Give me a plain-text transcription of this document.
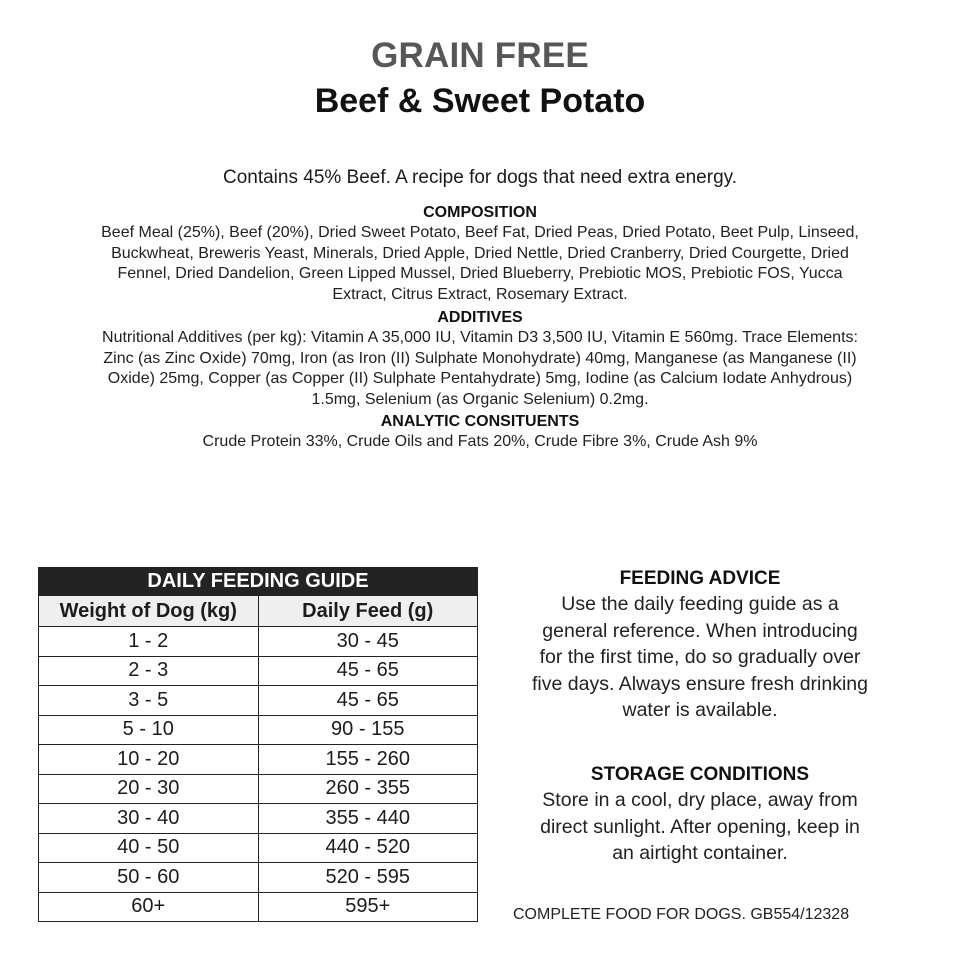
GRAIN FREE
Beef & Sweet Potato
Contains 45% Beef. A recipe for dogs that need extra energy.
COMPOSITION
Beef Meal (25%), Beef (20%), Dried Sweet Potato, Beef Fat, Dried Peas, Dried Potato, Beet Pulp, Linseed,
Buckwheat, Breweris Yeast, Minerals, Dried Apple, Dried Nettle, Dried Cranberry, Dried Courgette, Dried
Fennel, Dried Dandelion, Green Lipped Mussel, Dried Blueberry, Prebiotic MOS, Prebiotic FOS, Yucca
Extract, Citrus Extract, Rosemary Extract.
ADDITIVES
Nutritional Additives (per kg): Vitamin A 35,000 IU, Vitamin D3 3,500 IU, Vitamin E 560mg. Trace Elements:
Zinc (as Zinc Oxide) 70mg, Iron (as Iron (II) Sulphate Monohydrate) 40mg, Manganese (as Manganese (II)
Oxide) 25mg, Copper (as Copper (II) Sulphate Pentahydrate) 5mg, Iodine (as Calcium Iodate Anhydrous)
1.5mg, Selenium (as Organic Selenium) 0.2mg.
ANALYTIC CONSITUENTS
Crude Protein 33%, Crude Oils and Fats 20%, Crude Fibre 3%, Crude Ash 9%
DAILY FEEDING GUIDE	
Weight of Dog (kg)	Daily Feed (g)
1 - 2	30 - 45
2 - 3	45 - 65
3 - 5	45 - 65
5 - 10	90 - 155
10 - 20	155 - 260
20 - 30	260 - 355
30 - 40	355 - 440
40 - 50	440 - 520
50 - 60	520 - 595
60+	595+
FEEDING ADVICE
Use the daily feeding guide as a
general reference. When introducing
for the first time, do so gradually over
five days. Always ensure fresh drinking
water is available.
STORAGE CONDITIONS
Store in a cool, dry place, away from
direct sunlight. After opening, keep in
an airtight container.
COMPLETE FOOD FOR DOGS. GB554/12328
